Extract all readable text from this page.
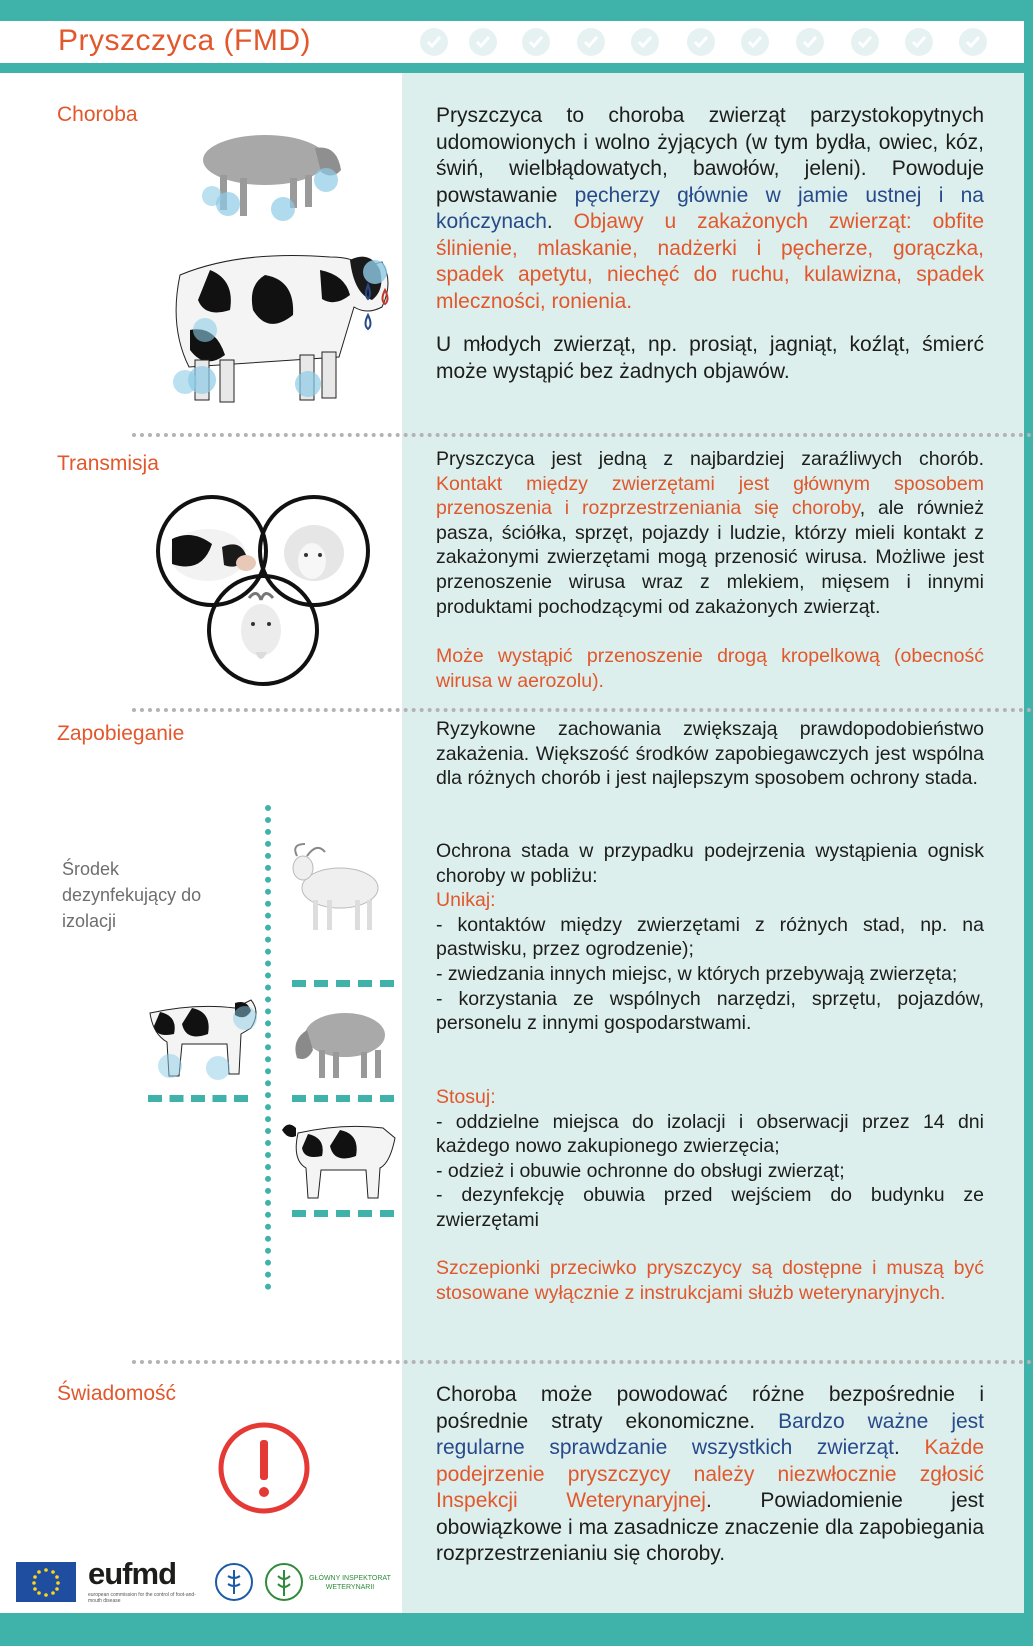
Pryszczyca (FMD)
Choroba	Pryszczyca to choroba zwierząt parzystokopytnych udomowionych i wolno żyjących (w tym bydła, owiec, kóz, świń, wielbłądowatych, bawołów, jeleni). Powoduje powstawanie pęcherzy głównie w jamie ustnej i na kończynach. Objawy u zakażonych zwierząt: obfite ślinienie, mlaskanie, nadżerki i pęcherze, gorączka, spadek apetytu, niechęć do ruchu, kulawizna, spadek mleczności, ronienia.
U młodych zwierząt, np. prosiąt, jagniąt, koźląt, śmierć może wystąpić bez żadnych objawów.
Transmisja	Pryszczyca jest jedną z najbardziej zaraźliwych chorób. Kontakt między zwierzętami jest głównym sposobem przenoszenia i rozprzestrzeniania się choroby, ale również pasza, ściółka, sprzęt, pojazdy i ludzie, którzy mieli kontakt z zakażonymi zwierzętami mogą przenosić wirusa. Możliwe jest przenoszenie wirusa wraz z mlekiem, mięsem i innymi produktami pochodzącymi od zakażonych zwierząt.
Może wystąpić przenoszenie drogą kropelkową (obecność wirusa w aerozolu).
Zapobieganie
Środek dezynfekujący do izolacji
Ryzykowne zachowania zwiększają prawdopodobieństwo zakażenia. Większość środków zapobiegawczych jest wspólna dla różnych chorób i jest najlepszym sposobem ochrony stada.
Ochrona stada w przypadku podejrzenia wystąpienia ognisk choroby w pobliżu:
Unikaj:
- kontaktów między zwierzętami z różnych stad, np. na pastwisku, przez ogrodzenie);
- zwiedzania innych miejsc, w których przebywają zwierzęta;
- korzystania ze wspólnych narzędzi, sprzętu, pojazdów, personelu z innymi gospodarstwami.
Stosuj:
- oddzielne miejsca do izolacji i obserwacji przez 14 dni każdego nowo zakupionego zwierzęcia;
- odzież i obuwie ochronne do obsługi zwierząt;
- dezynfekcję obuwia przed wejściem do budynku ze zwierzętami
Szczepionki przeciwko pryszczycy są dostępne i muszą być stosowane wyłącznie z instrukcjami służb weterynaryjnych.
Świadomość	Choroba może powodować różne bezpośrednie i pośrednie straty ekonomiczne. Bardzo ważne jest regularne sprawdzanie wszystkich zwierząt. Każde podejrzenie pryszczycy należy niezwłocznie zgłosić Inspekcji Weterynaryjnej. Powiadomienie jest obowiązkowe i ma zasadnicze znaczenie dla zapobiegania rozprzestrzenianiu się choroby.
eufmd
european commission for the control of foot-and-mouth disease
GŁÓWNY INSPEKTORAT WETERYNARII
